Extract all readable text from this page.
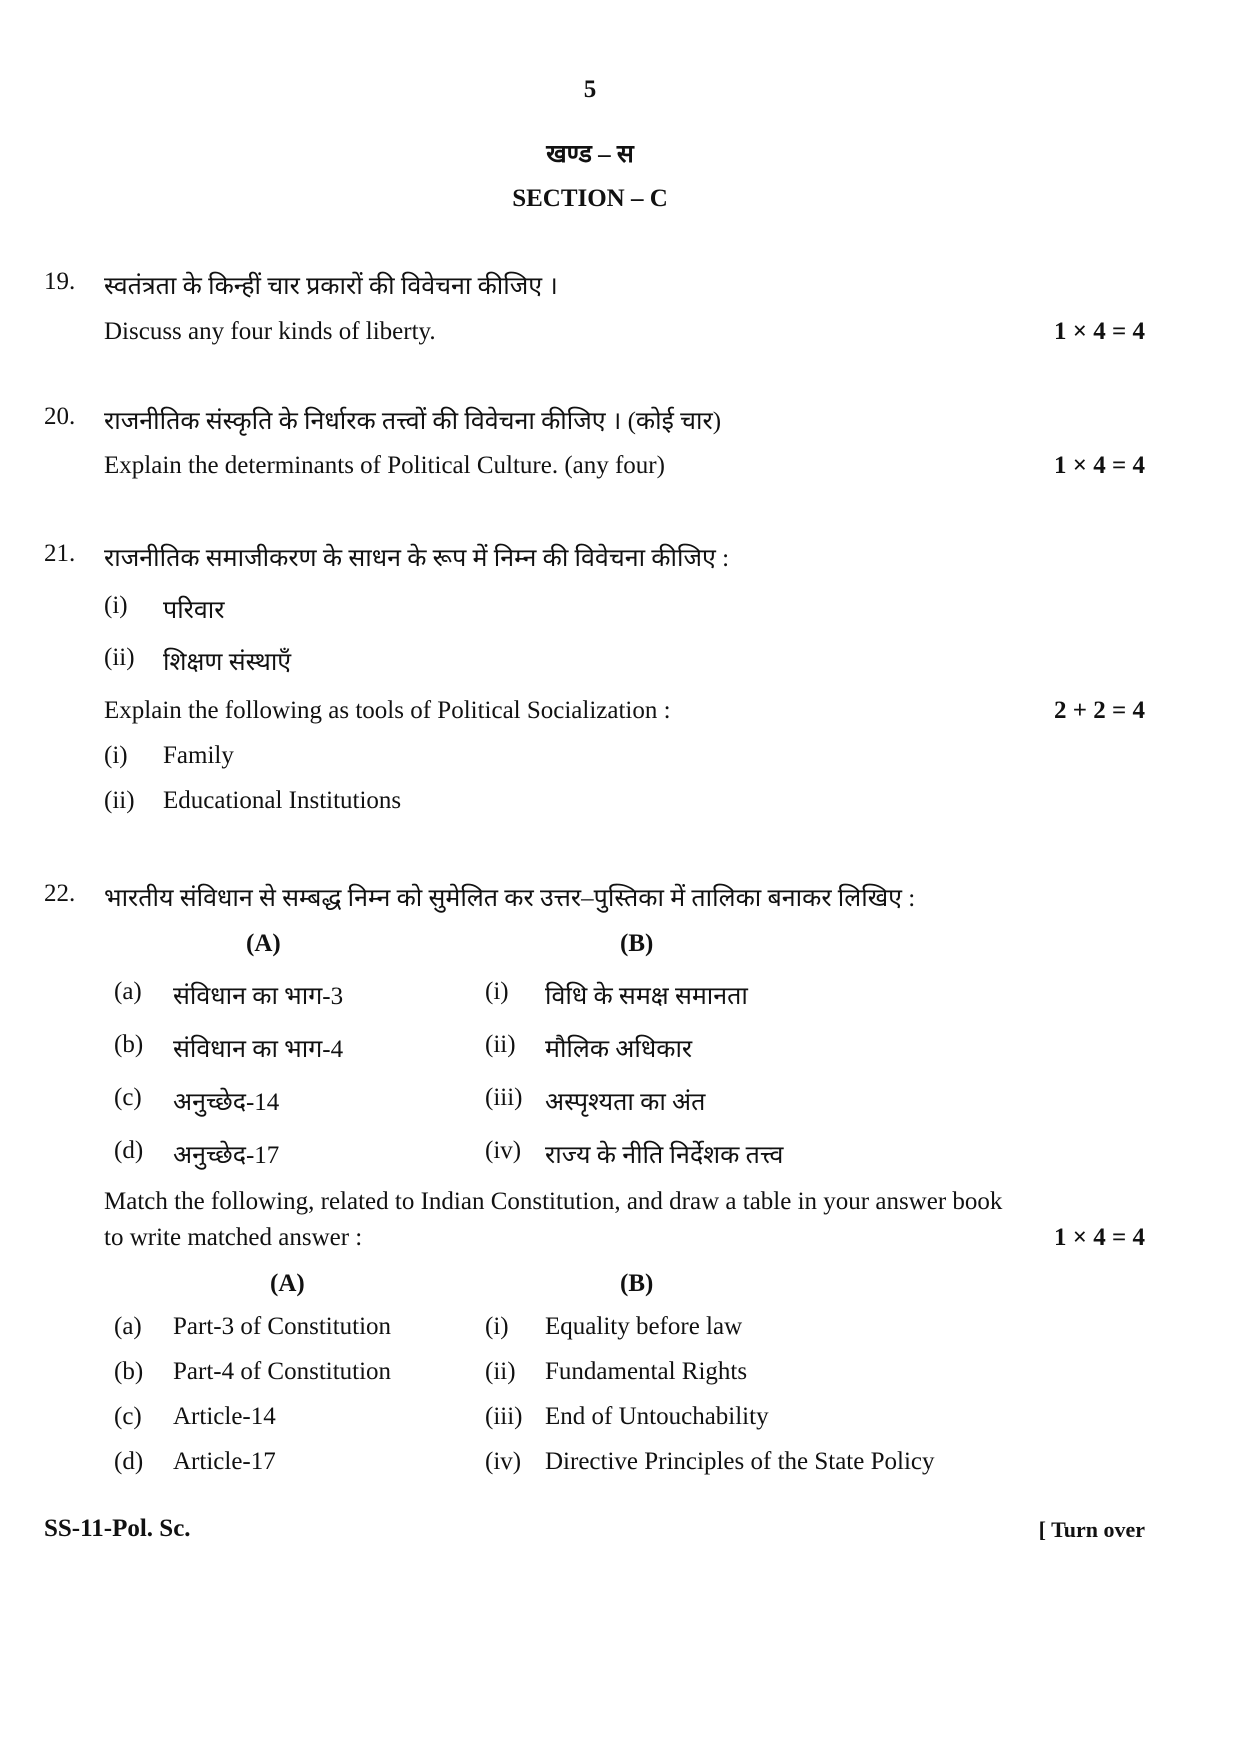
5
खण्ड – स
SECTION – C
19. स्वतंत्रता के किन्हीं चार प्रकारों की विवेचना कीजिए ।
Discuss any four kinds of liberty.	1 × 4 = 4
20. राजनीतिक संस्कृति के निर्धारक तत्त्वों की विवेचना कीजिए । (कोई चार)
Explain the determinants of Political Culture. (any four)	1 × 4 = 4
21. राजनीतिक समाजीकरण के साधन के रूप में निम्न की विवेचना कीजिए :
(i) परिवार
(ii) शिक्षण संस्थाएँ
Explain the following as tools of Political Socialization :	2 + 2 = 4
(i) Family
(ii) Educational Institutions
22. भारतीय संविधान से सम्बद्ध निम्न को सुमेलित कर उत्तर–पुस्तिका में तालिका बनाकर लिखिए :
(A)	(B)
(a) संविधान का भाग-3	(i) विधि के समक्ष समानता
(b) संविधान का भाग-4	(ii) मौलिक अधिकार
(c) अनुच्छेद-14	(iii) अस्पृश्यता का अंत
(d) अनुच्छेद-17	(iv) राज्य के नीति निर्देशक तत्त्व
Match the following, related to Indian Constitution, and draw a table in your answer book
to write matched answer :	1 × 4 = 4
(A)	(B)
(a) Part-3 of Constitution	(i) Equality before law
(b) Part-4 of Constitution	(ii) Fundamental Rights
(c) Article-14	(iii) End of Untouchability
(d) Article-17	(iv) Directive Principles of the State Policy
SS-11-Pol. Sc.	[ Turn over
